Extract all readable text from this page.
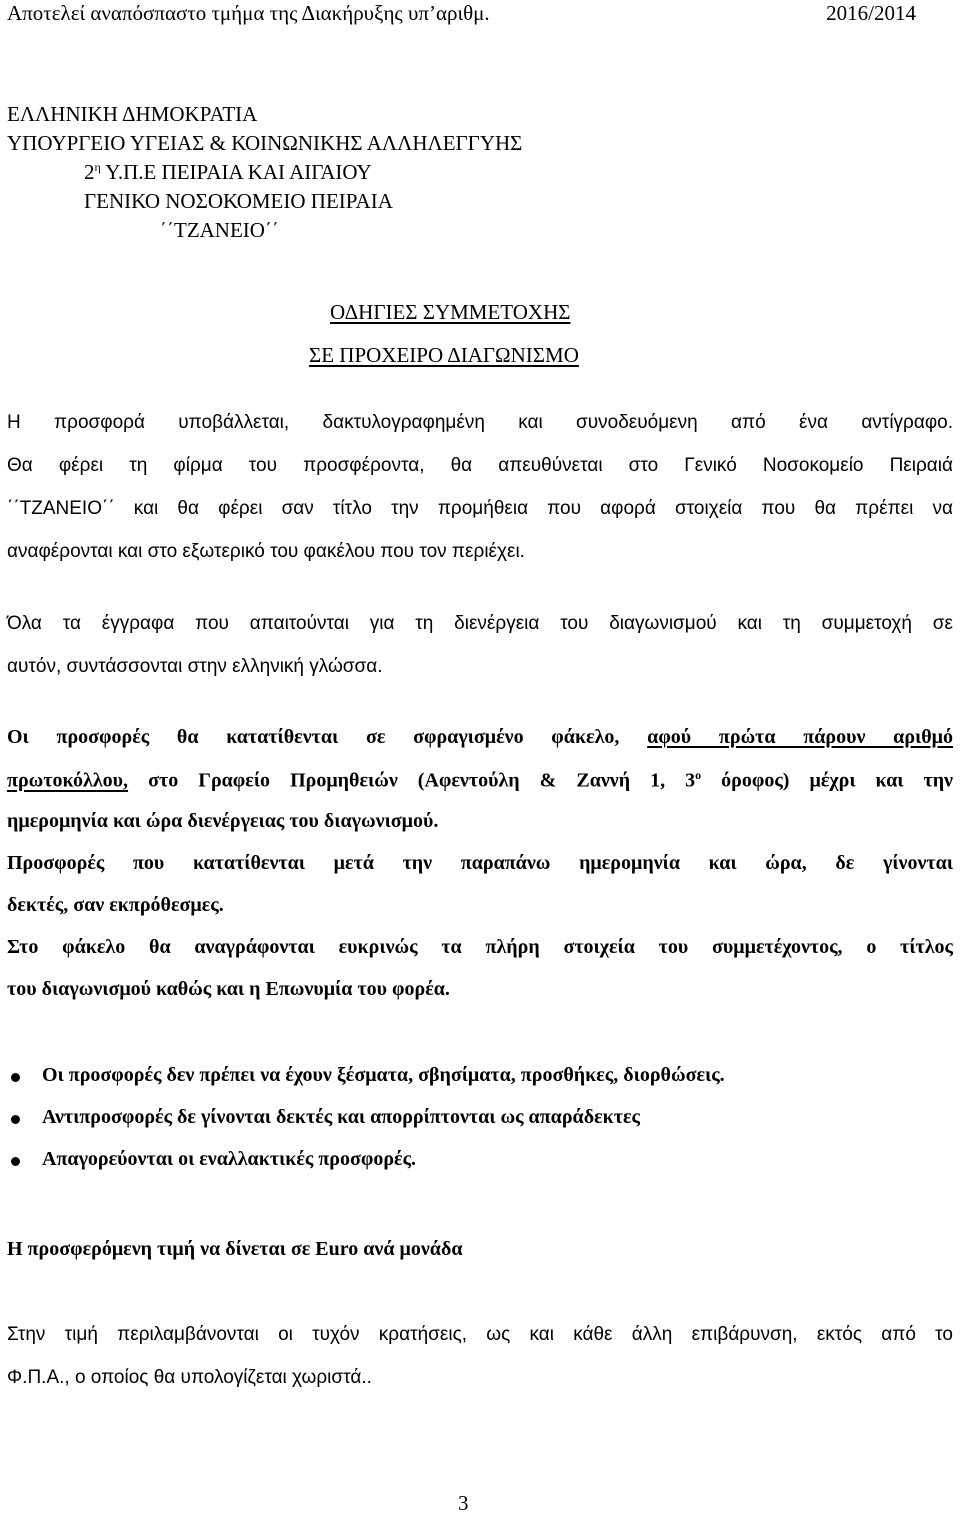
Αποτελεί αναπόσπαστο τμήμα της Διακήρυξης υπ’αριθμ.	2016/2014
ΕΛΛΗΝΙΚΗ ΔΗΜΟΚΡΑΤΙΑ
ΥΠΟΥΡΓΕΙΟ ΥΓΕΙΑΣ & ΚΟΙΝΩΝΙΚΗΣ ΑΛΛΗΛΕΓΓΥΗΣ
$2^\eta$ Υ.Π.Ε ΠΕΙΡΑΙΑ ΚΑΙ ΑΙΓΑΙΟΥ
ΓΕΝΙΚΟ ΝΟΣΟΚΟΜΕΙΟ ΠΕΙΡΑΙΑ
΄΄ΤΖΑΝΕΙΟ΄΄
ΟΔΗΓΙΕΣ ΣΥΜΜΕΤΟΧΗΣ
ΣΕ ΠΡΟΧΕΙΡΟ ΔΙΑΓΩΝΙΣΜΟ
Η προσφορά υποβάλλεται, δακτυλογραφημένη και συνοδευόμενη από ένα αντίγραφο.
Θα φέρει τη φίρμα του προσφέροντα, θα απευθύνεται στο Γενικό Νοσοκομείο Πειραιά
΄΄ΤΖΑΝΕΙΟ΄΄ και θα φέρει σαν τίτλο την προμήθεια που αφορά στοιχεία που θα πρέπει να
αναφέρονται και στο εξωτερικό του φακέλου που τον περιέχει.
Όλα τα έγγραφα που απαιτούνται για τη διενέργεια του διαγωνισμού και τη συμμετοχή σε
αυτόν, συντάσσονται στην ελληνική γλώσσα.
Οι προσφορές θα κατατίθενται σε σφραγισμένο φάκελο, αφού πρώτα πάρουν αριθμό
πρωτοκόλλου, στο Γραφείο Προμηθειών (Αφεντούλη & Ζαννή 1, $3^o$ όροφος) μέχρι και την
ημερομηνία και ώρα διενέργειας του διαγωνισμού.
Προσφορές που κατατίθενται μετά την παραπάνω ημερομηνία και ώρα, δε γίνονται
δεκτές, σαν εκπρόθεσμες.
Στο φάκελο θα αναγράφονται ευκρινώς τα πλήρη στοιχεία του συμμετέχοντος, ο τίτλος
του διαγωνισμού καθώς και η Επωνυμία του φορέα.
Οι προσφορές δεν πρέπει να έχουν ξέσματα, σβησίματα, προσθήκες, διορθώσεις.
Αντιπροσφορές δε γίνονται δεκτές και απορρίπτονται ως απαράδεκτες
Απαγορεύονται οι εναλλακτικές προσφορές.
Η προσφερόμενη τιμή να δίνεται σε Euro ανά μονάδα
Στην τιμή περιλαμβάνονται οι τυχόν κρατήσεις, ως και κάθε άλλη επιβάρυνση, εκτός από το
Φ.Π.Α., ο οποίος θα υπολογίζεται χωριστά..
3
